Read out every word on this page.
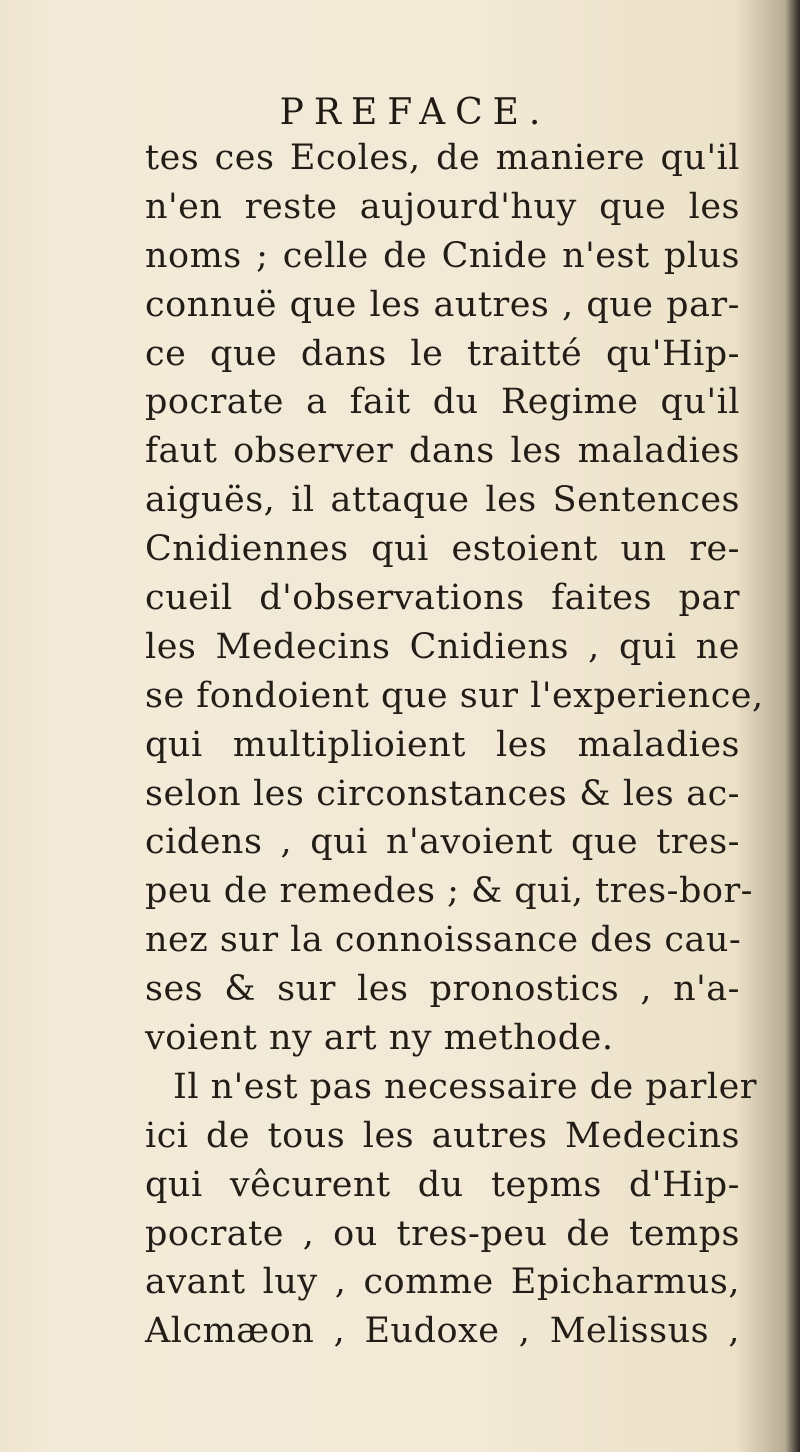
PREFACE.
tes ces Ecoles, de maniere qu'il
n'en reste aujourd'huy que les
noms ; celle de Cnide n'est plus
connuë que les autres , que par-
ce que dans le traitté qu'Hip-
pocrate a fait du Regime qu'il
faut observer dans les maladies
aiguës, il attaque les Sentences
Cnidiennes qui estoient un re-
cueil d'observations faites par
les Medecins Cnidiens , qui ne
se fondoient que sur l'experience,
qui multiplioient les maladies
selon les circonstances & les ac-
cidens , qui n'avoient que tres-
peu de remedes ; & qui, tres-bor-
nez sur la connoissance des cau-
ses & sur les pronostics , n'a-
voient ny art ny methode.
Il n'est pas necessaire de parler
ici de tous les autres Medecins
qui vêcurent du tepms d'Hip-
pocrate , ou tres-peu de temps
avant luy , comme Epicharmus,
Alcmæon , Eudoxe , Melissus ,
